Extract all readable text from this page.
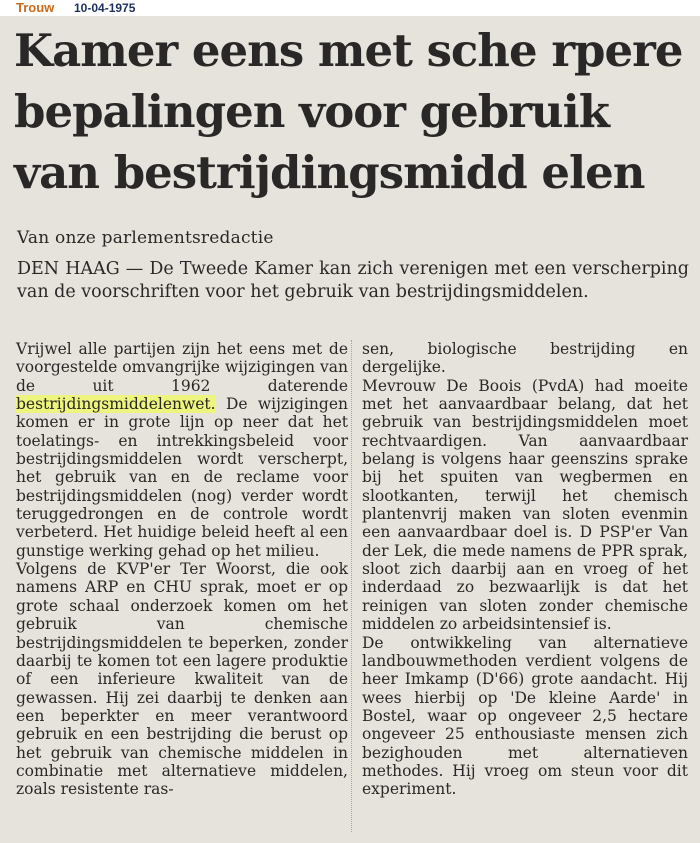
Trouw 10-04-1975
Kamer eens met sche rpere bepalingen voor gebruik van bestrijdingsmidd elen

Van onze parlementsredactie

DEN HAAG — De Tweede Kamer kan zich verenigen met een verscherping van de voorschriften voor het gebruik van bestrijdingsmiddelen.

Vrijwel alle partijen zijn het eens met de voorgestelde omvangrijke wijzigingen van de uit 1962 daterende bestrijdingsmiddelenwet. De wijzigingen komen er in grote lijn op neer dat het toelatings- en intrekkingsbeleid voor bestrijdingsmiddelen wordt verscherpt, het gebruik van en de reclame voor bestrijdingsmiddelen (nog) verder wordt teruggedrongen en de controle wordt verbeterd. Het huidige beleid heeft al een gunstige werking gehad op het milieu.

Volgens de KVP'er Ter Woorst, die ook namens ARP en CHU sprak, moet er op grote schaal onderzoek komen om het gebruik van chemische bestrijdingsmiddelen te beperken, zonder daarbij te komen tot een lagere produktie of een inferieure kwaliteit van de gewassen. Hij zei daarbij te denken aan een beperkter en meer verantwoord gebruik en een bestrijding die berust op het gebruik van chemische middelen in combinatie met alternatieve middelen, zoals resistente ras-

sen, biologische bestrijding en dergelijke.

Mevrouw De Boois (PvdA) had moeite met het aanvaardbaar belang, dat het gebruik van bestrijdingsmiddelen moet rechtvaardigen. Van aanvaardbaar belang is volgens haar geenszins sprake bij het spuiten van wegbermen en slootkanten, terwijl het chemisch plantenvrij maken van sloten evenmin een aanvaardbaar doel is. D PSP'er Van der Lek, die mede namens de PPR sprak, sloot zich daarbij aan en vroeg of het inderdaad zo bezwaarlijk is dat het reinigen van sloten zonder chemische middelen zo arbeidsintensief is.

De ontwikkeling van alternatieve landbouwmethoden verdient volgens de heer Imkamp (D'66) grote aandacht. Hij wees hierbij op 'De kleine Aarde' in Bostel, waar op ongeveer 2,5 hectare ongeveer 25 enthousiaste mensen zich bezighouden met alternatieven methodes. Hij vroeg om steun voor dit experiment.
